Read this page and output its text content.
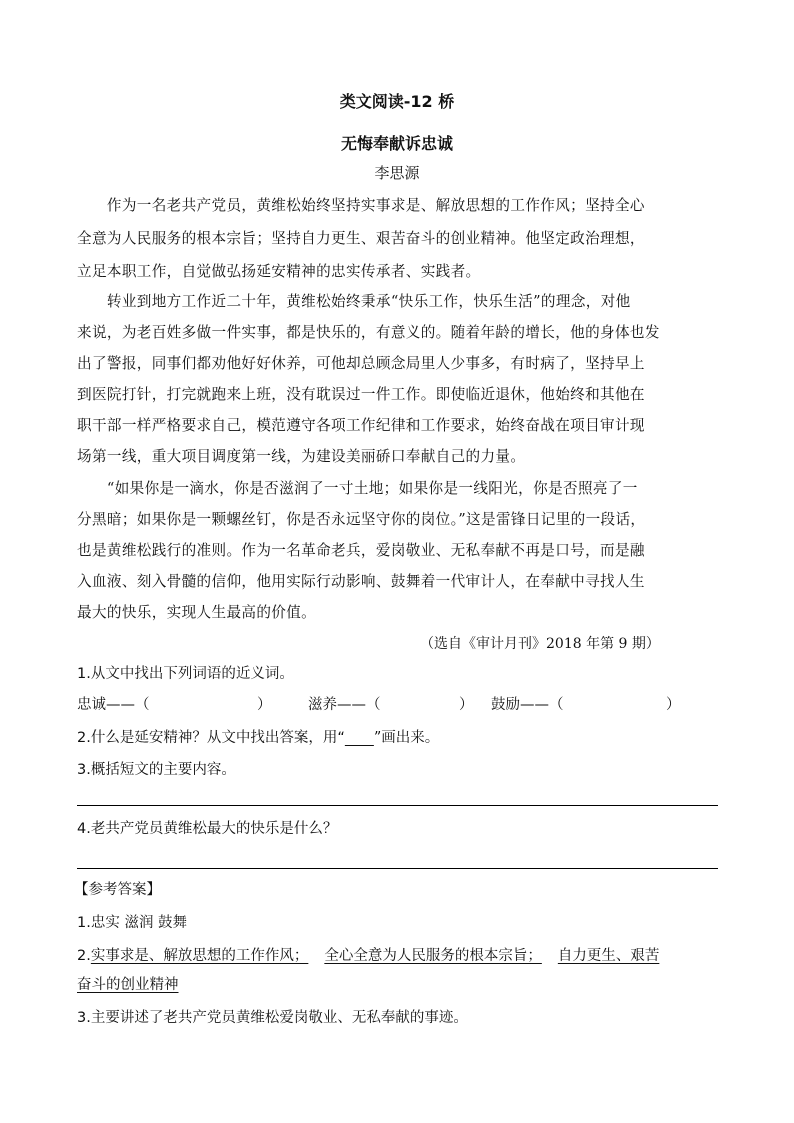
类文阅读-12 桥
无悔奉献诉忠诚
李思源
　　作为一名老共产党员，黄维松始终坚持实事求是、解放思想的工作作风；坚持全心
全意为人民服务的根本宗旨；坚持自力更生、艰苦奋斗的创业精神。他坚定政治理想，
立足本职工作，自觉做弘扬延安精神的忠实传承者、实践者。
　　转业到地方工作近二十年，黄维松始终秉承“快乐工作，快乐生活”的理念，对他
来说，为老百姓多做一件实事，都是快乐的，有意义的。随着年龄的增长，他的身体也发
出了警报，同事们都劝他好好休养，可他却总顾念局里人少事多，有时病了，坚持早上
到医院打针，打完就跑来上班，没有耽误过一件工作。即使临近退休，他始终和其他在
职干部一样严格要求自己，模范遵守各项工作纪律和工作要求，始终奋战在项目审计现
场第一线，重大项目调度第一线，为建设美丽硚口奉献自己的力量。
　　“如果你是一滴水，你是否滋润了一寸土地；如果你是一线阳光，你是否照亮了一
分黑暗；如果你是一颗螺丝钉，你是否永远坚守你的岗位。”这是雷锋日记里的一段话，
也是黄维松践行的准则。作为一名革命老兵，爱岗敬业、无私奉献不再是口号，而是融
入血液、刻入骨髓的信仰，他用实际行动影响、鼓舞着一代审计人，在奉献中寻找人生
最大的快乐，实现人生最高的价值。
（选自《审计月刊》2018 年第 9 期）
1.从文中找出下列词语的近义词。
忠诚——（	）	滋养——（	） 鼓励——（	）
2.什么是延安精神？从文中找出答案，用“　　 ”画出来。
3.概括短文的主要内容。
4.老共产党员黄维松最大的快乐是什么？
【参考答案】
1.忠实 滋润 鼓舞
2.实事求是、解放思想的工作作风； 全心全意为人民服务的根本宗旨； 自力更生、艰苦
奋斗的创业精神
3.主要讲述了老共产党员黄维松爱岗敬业、无私奉献的事迹。
